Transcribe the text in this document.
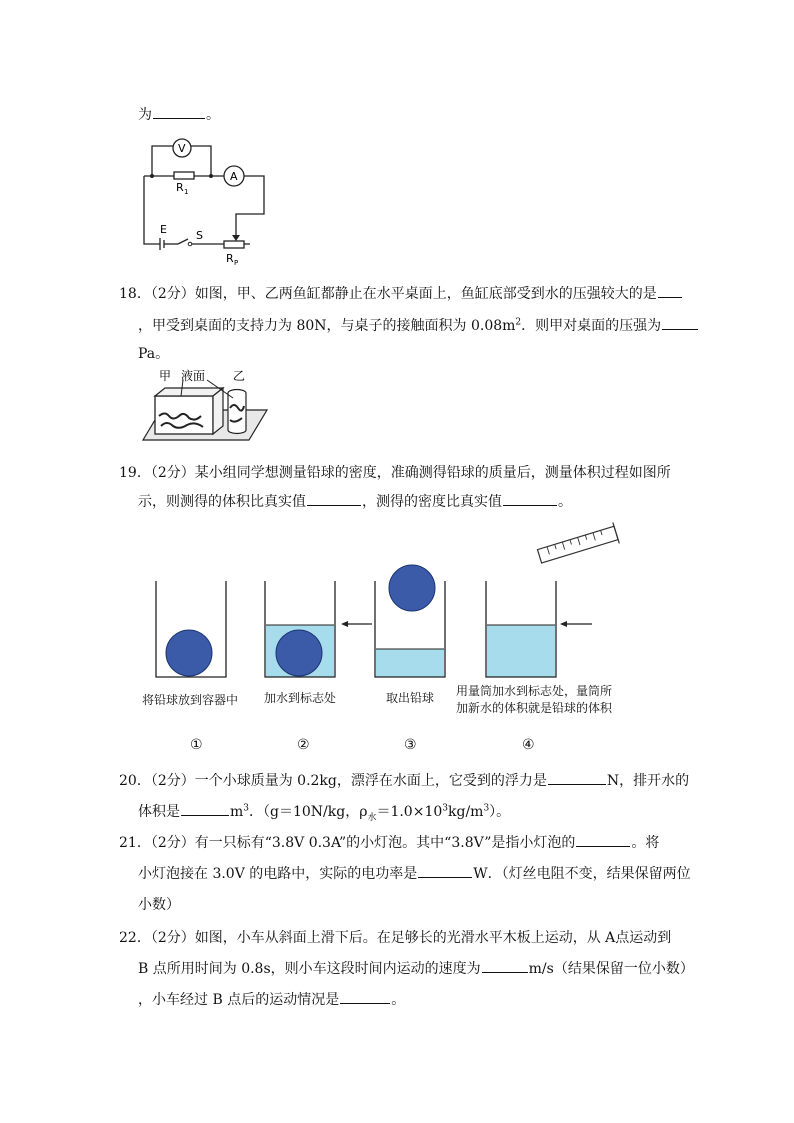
为	。
V
A
R 1
E	S
R P
18．（2分）如图，甲、乙两鱼缸都静止在水平桌面上，鱼缸底部受到水的压强较大的是
，甲受到桌面的支持力为 80N，与桌子的接触面积为 $0.08m^2$．则甲对桌面的压强为
Pa。
甲 液面 乙
19．（2分）某小组同学想测量铅球的密度，准确测得铅球的质量后，测量体积过程如图所
示，则测得的体积比真实值	，测得的密度比真实值	。
将铅球放到容器中 加水到标志处	取出铅球 用量筒加水到标志处，量筒所加新水的体积就是铅球的体积
①	②	③	④
20．（2分）一个小球质量为 0.2kg，漂浮在水面上，它受到的浮力是	N，排开水的
体积是	$m^3$．（g＝10N/kg，$\rho_水=1.0\times 10^3kg/m^3$）。
21．（2分）有一只标有“3.8V 0.3A”的小灯泡。其中“3.8V”是指小灯泡的	。将
小灯泡接在 3.0V 的电路中，实际的电功率是	W．（灯丝电阻不变，结果保留两位
小数）
22．（2分）如图，小车从斜面上滑下后。在足够长的光滑水平木板上运动，从 A点运动到
B 点所用时间为 0.8s，则小车这段时间内运动的速度为	m/s（结果保留一位小数）
，小车经过 B 点后的运动情况是	。
